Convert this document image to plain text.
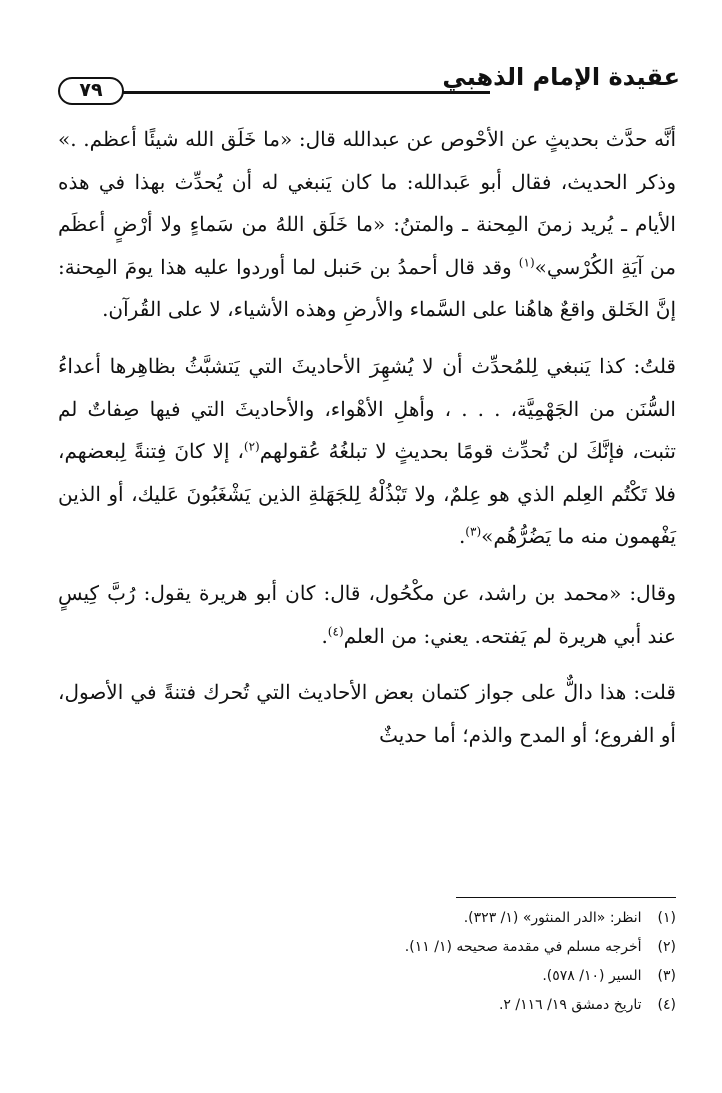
عقيدة الإمام الذهبي
٧٩

أنَّه حدَّث بحديثٍ عن الأحْوص عن عبدالله قال: «ما خَلَق الله شيئًا أعظم. .» وذكر الحديث، فقال أبو عَبدالله: ما كان يَنبغي له أن يُحدِّث بهذا في هذه الأيام ـ يُريد زمنَ المِحنة ـ والمتنُ: «ما خَلَق اللهُ من سَماءٍ ولا أرْضٍ أعظَم من آيَةِ الكُرْسي»$^{(١)}$ وقد قال أحمدُ بن حَنبل لما أوردوا عليه هذا يومَ المِحنة: إنَّ الخَلق واقعٌ هاهُنا على السَّماء والأرضِ وهذه الأشياء، لا على القُرآن.

قلتُ: كذا يَنبغي لِلمُحدِّث أن لا يُشهِرَ الأحاديثَ التي يَتشبَّثُ بظاهِرها أعداءُ السُّنَن من الجَهْمِيَّة، . . . ، وأهلِ الأهْواء، والأحاديثَ التي فيها صِفاتٌ لم تثبت، فإنَّكَ لن تُحدِّث قومًا بحديثٍ لا تبلغُهُ عُقولهم$^{(٢)}$، إلا كانَ فِتنةً لِبعضهم، فلا تَكْتُم العِلم الذي هو عِلمٌ، ولا تَبْذُلْهُ لِلجَهَلةِ الذين يَشْغَبُونَ عَليك، أو الذين يَفْهمون منه ما يَضُرُّهُم»$^{(٣)}$.

وقال: «محمد بن راشد، عن مكْحُول، قال: كان أبو هريرة يقول: رُبَّ كِيسٍ عند أبي هريرة لم يَفتحه. يعني: من العلم$^{(٤)}$.

قلت: هذا دالٌّ على جواز كتمان بعض الأحاديث التي تُحرك فتنةً في الأصول، أو الفروع؛ أو المدح والذم؛ أما حديثٌ

(١) انظر: «الدر المنثور» (١/ ٣٢٣).

(٢) أخرجه مسلم في مقدمة صحيحه (١/ ١١).

(٣) السير (١٠/ ٥٧٨).

(٤) تاريخ دمشق ١٩/ ١١٦/ ٢.
